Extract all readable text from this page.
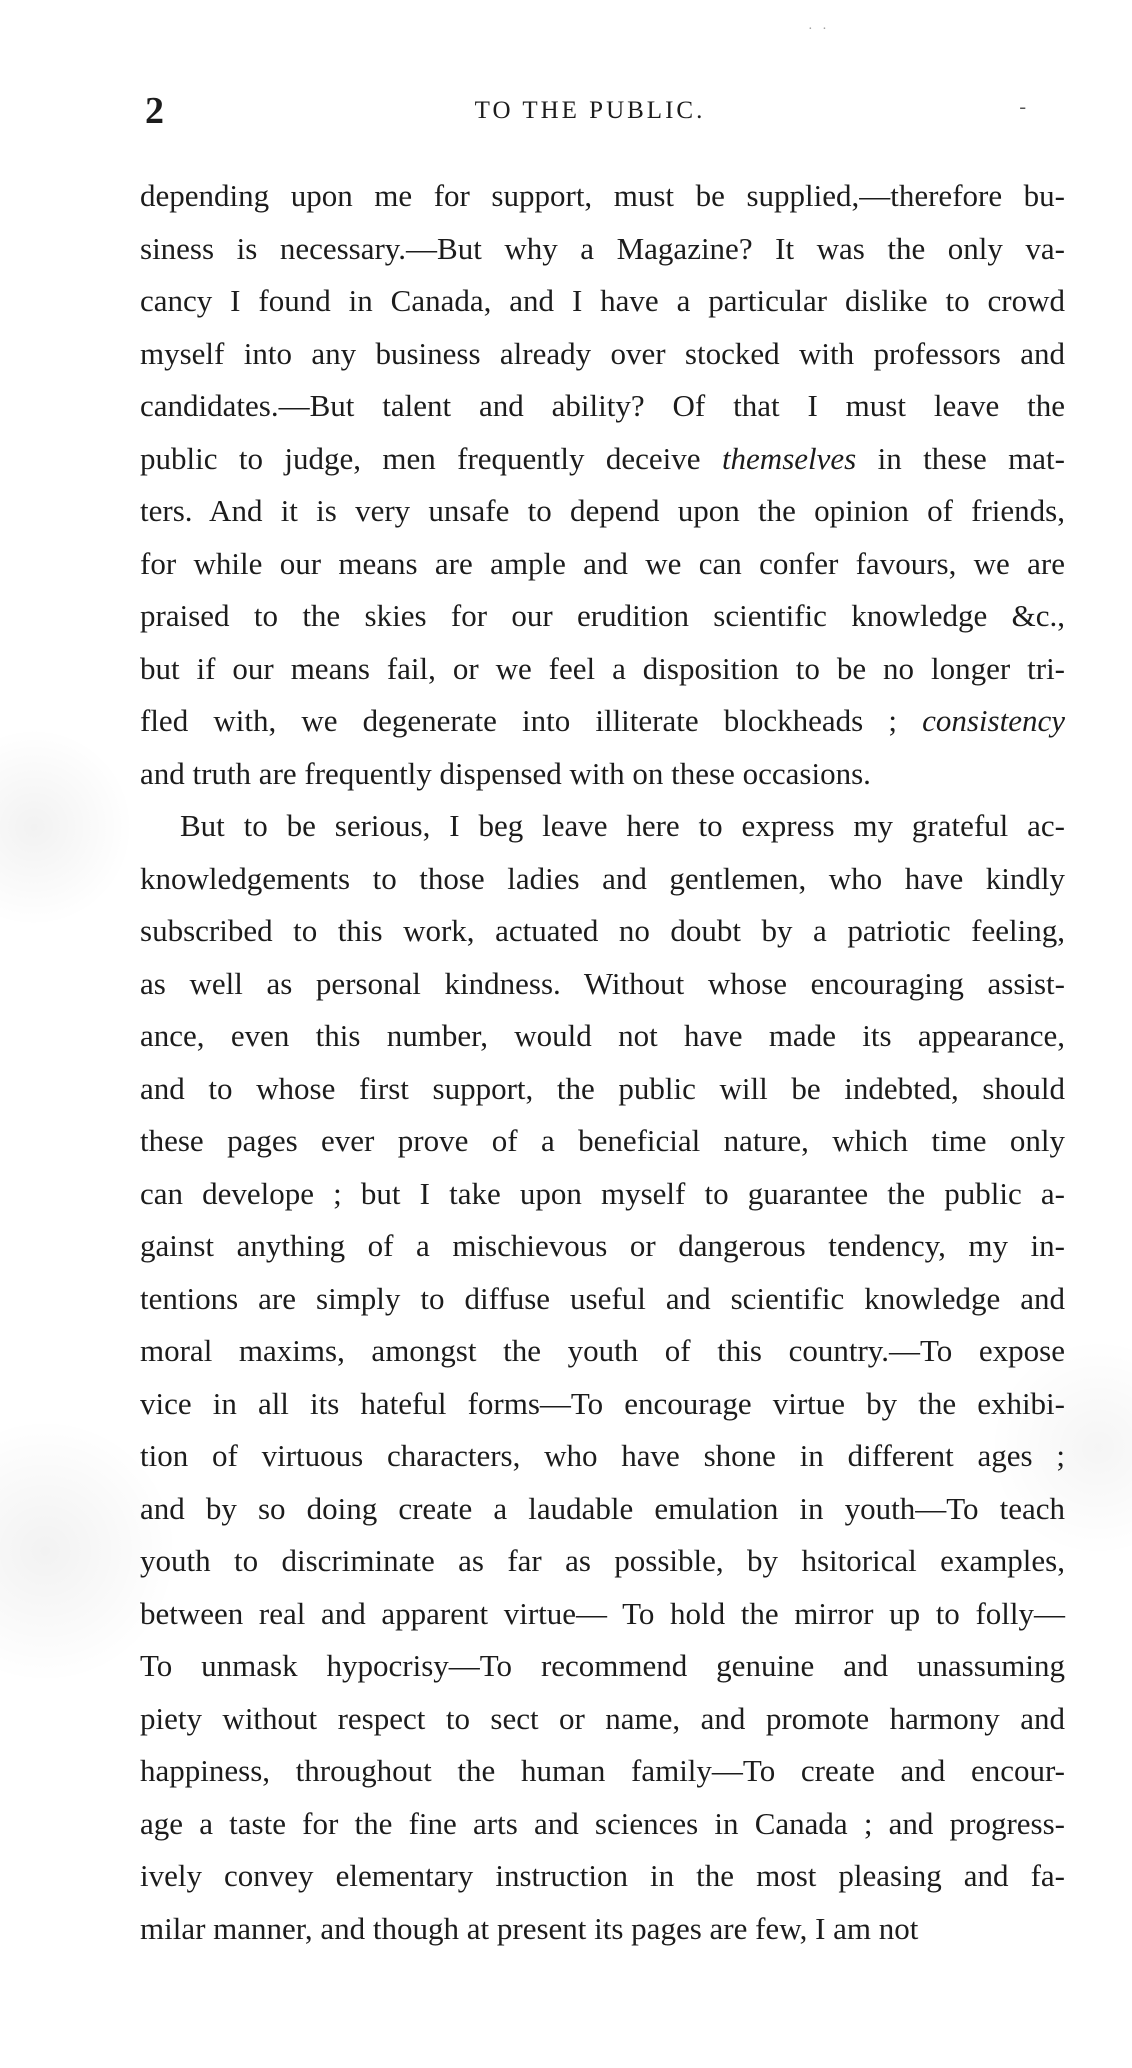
· ·
2	TO THE PUBLIC.	-
depending upon me for support, must be supplied,—therefore bu-
siness is necessary.—But why a Magazine? It was the only va-
cancy I found in Canada, and I have a particular dislike to crowd
myself into any business already over stocked with professors and
candidates.—But talent and ability? Of that I must leave the
public to judge, men frequently deceive themselves in these mat-
ters. And it is very unsafe to depend upon the opinion of friends,
for while our means are ample and we can confer favours, we are
praised to the skies for our erudition scientific knowledge &c.,
but if our means fail, or we feel a disposition to be no longer tri-
fled with, we degenerate into illiterate blockheads ; consistency
and truth are frequently dispensed with on these occasions.
But to be serious, I beg leave here to express my grateful ac-
knowledgements to those ladies and gentlemen, who have kindly
subscribed to this work, actuated no doubt by a patriotic feeling,
as well as personal kindness. Without whose encouraging assist-
ance, even this number, would not have made its appearance,
and to whose first support, the public will be indebted, should
these pages ever prove of a beneficial nature, which time only
can develope ; but I take upon myself to guarantee the public a-
gainst anything of a mischievous or dangerous tendency, my in-
tentions are simply to diffuse useful and scientific knowledge and
moral maxims, amongst the youth of this country.—To expose
vice in all its hateful forms—To encourage virtue by the exhibi-
tion of virtuous characters, who have shone in different ages ;
and by so doing create a laudable emulation in youth—To teach
youth to discriminate as far as possible, by hsitorical examples,
between real and apparent virtue— To hold the mirror up to folly—
To unmask hypocrisy—To recommend genuine and unassuming
piety without respect to sect or name, and promote harmony and
happiness, throughout the human family—To create and encour-
age a taste for the fine arts and sciences in Canada ; and progress-
ively convey elementary instruction in the most pleasing and fa-
milar manner, and though at present its pages are few, I am not
